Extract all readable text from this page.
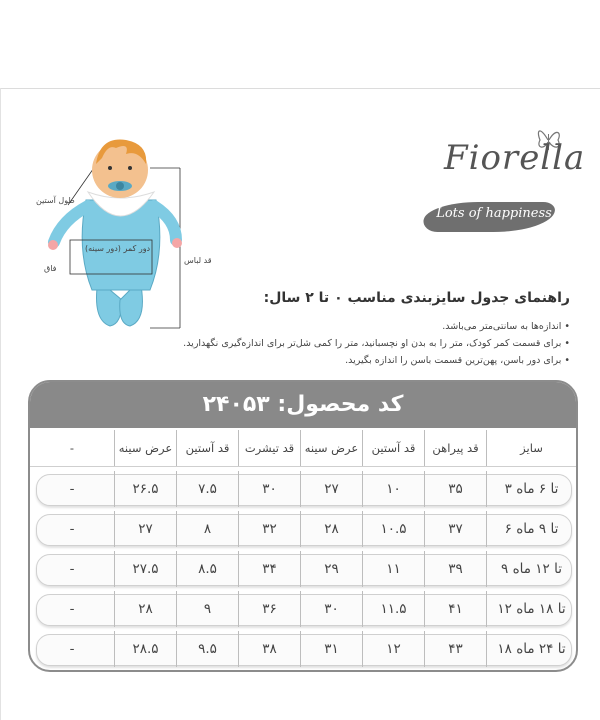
Fiorella
Lots of happiness
طول آستین
دور کمر (دور سینه)
فاق
قد لباس
راهنمای جدول سایزبندی مناسب ۰ تا ۲ سال:
• اندازه‌ها به سانتی‌متر می‌باشد.
• برای قسمت کمر کودک، متر را به بدن او نچسبانید، متر را کمی شل‌تر برای اندازه‌گیری نگهدارید.
• برای دور باسن، پهن‌ترین قسمت باسن را اندازه بگیرید.
کد محصول: ۲۴۰۵۳
سایز
قد پیراهن
قد آستین
عرض سینه
قد تیشرت
قد آستین
عرض سینه
-
۳ تا ۶ ماه
۳۵
۱۰
۲۷
۳۰
۷.۵
۲۶.۵
-
۶ تا ۹ ماه
۳۷
۱۰.۵
۲۸
۳۲
۸
۲۷
-
۹ تا ۱۲ ماه
۳۹
۱۱
۲۹
۳۴
۸.۵
۲۷.۵
-
۱۲ تا ۱۸ ماه
۴۱
۱۱.۵
۳۰
۳۶
۹
۲۸
-
۱۸ تا ۲۴ ماه
۴۳
۱۲
۳۱
۳۸
۹.۵
۲۸.۵
-
